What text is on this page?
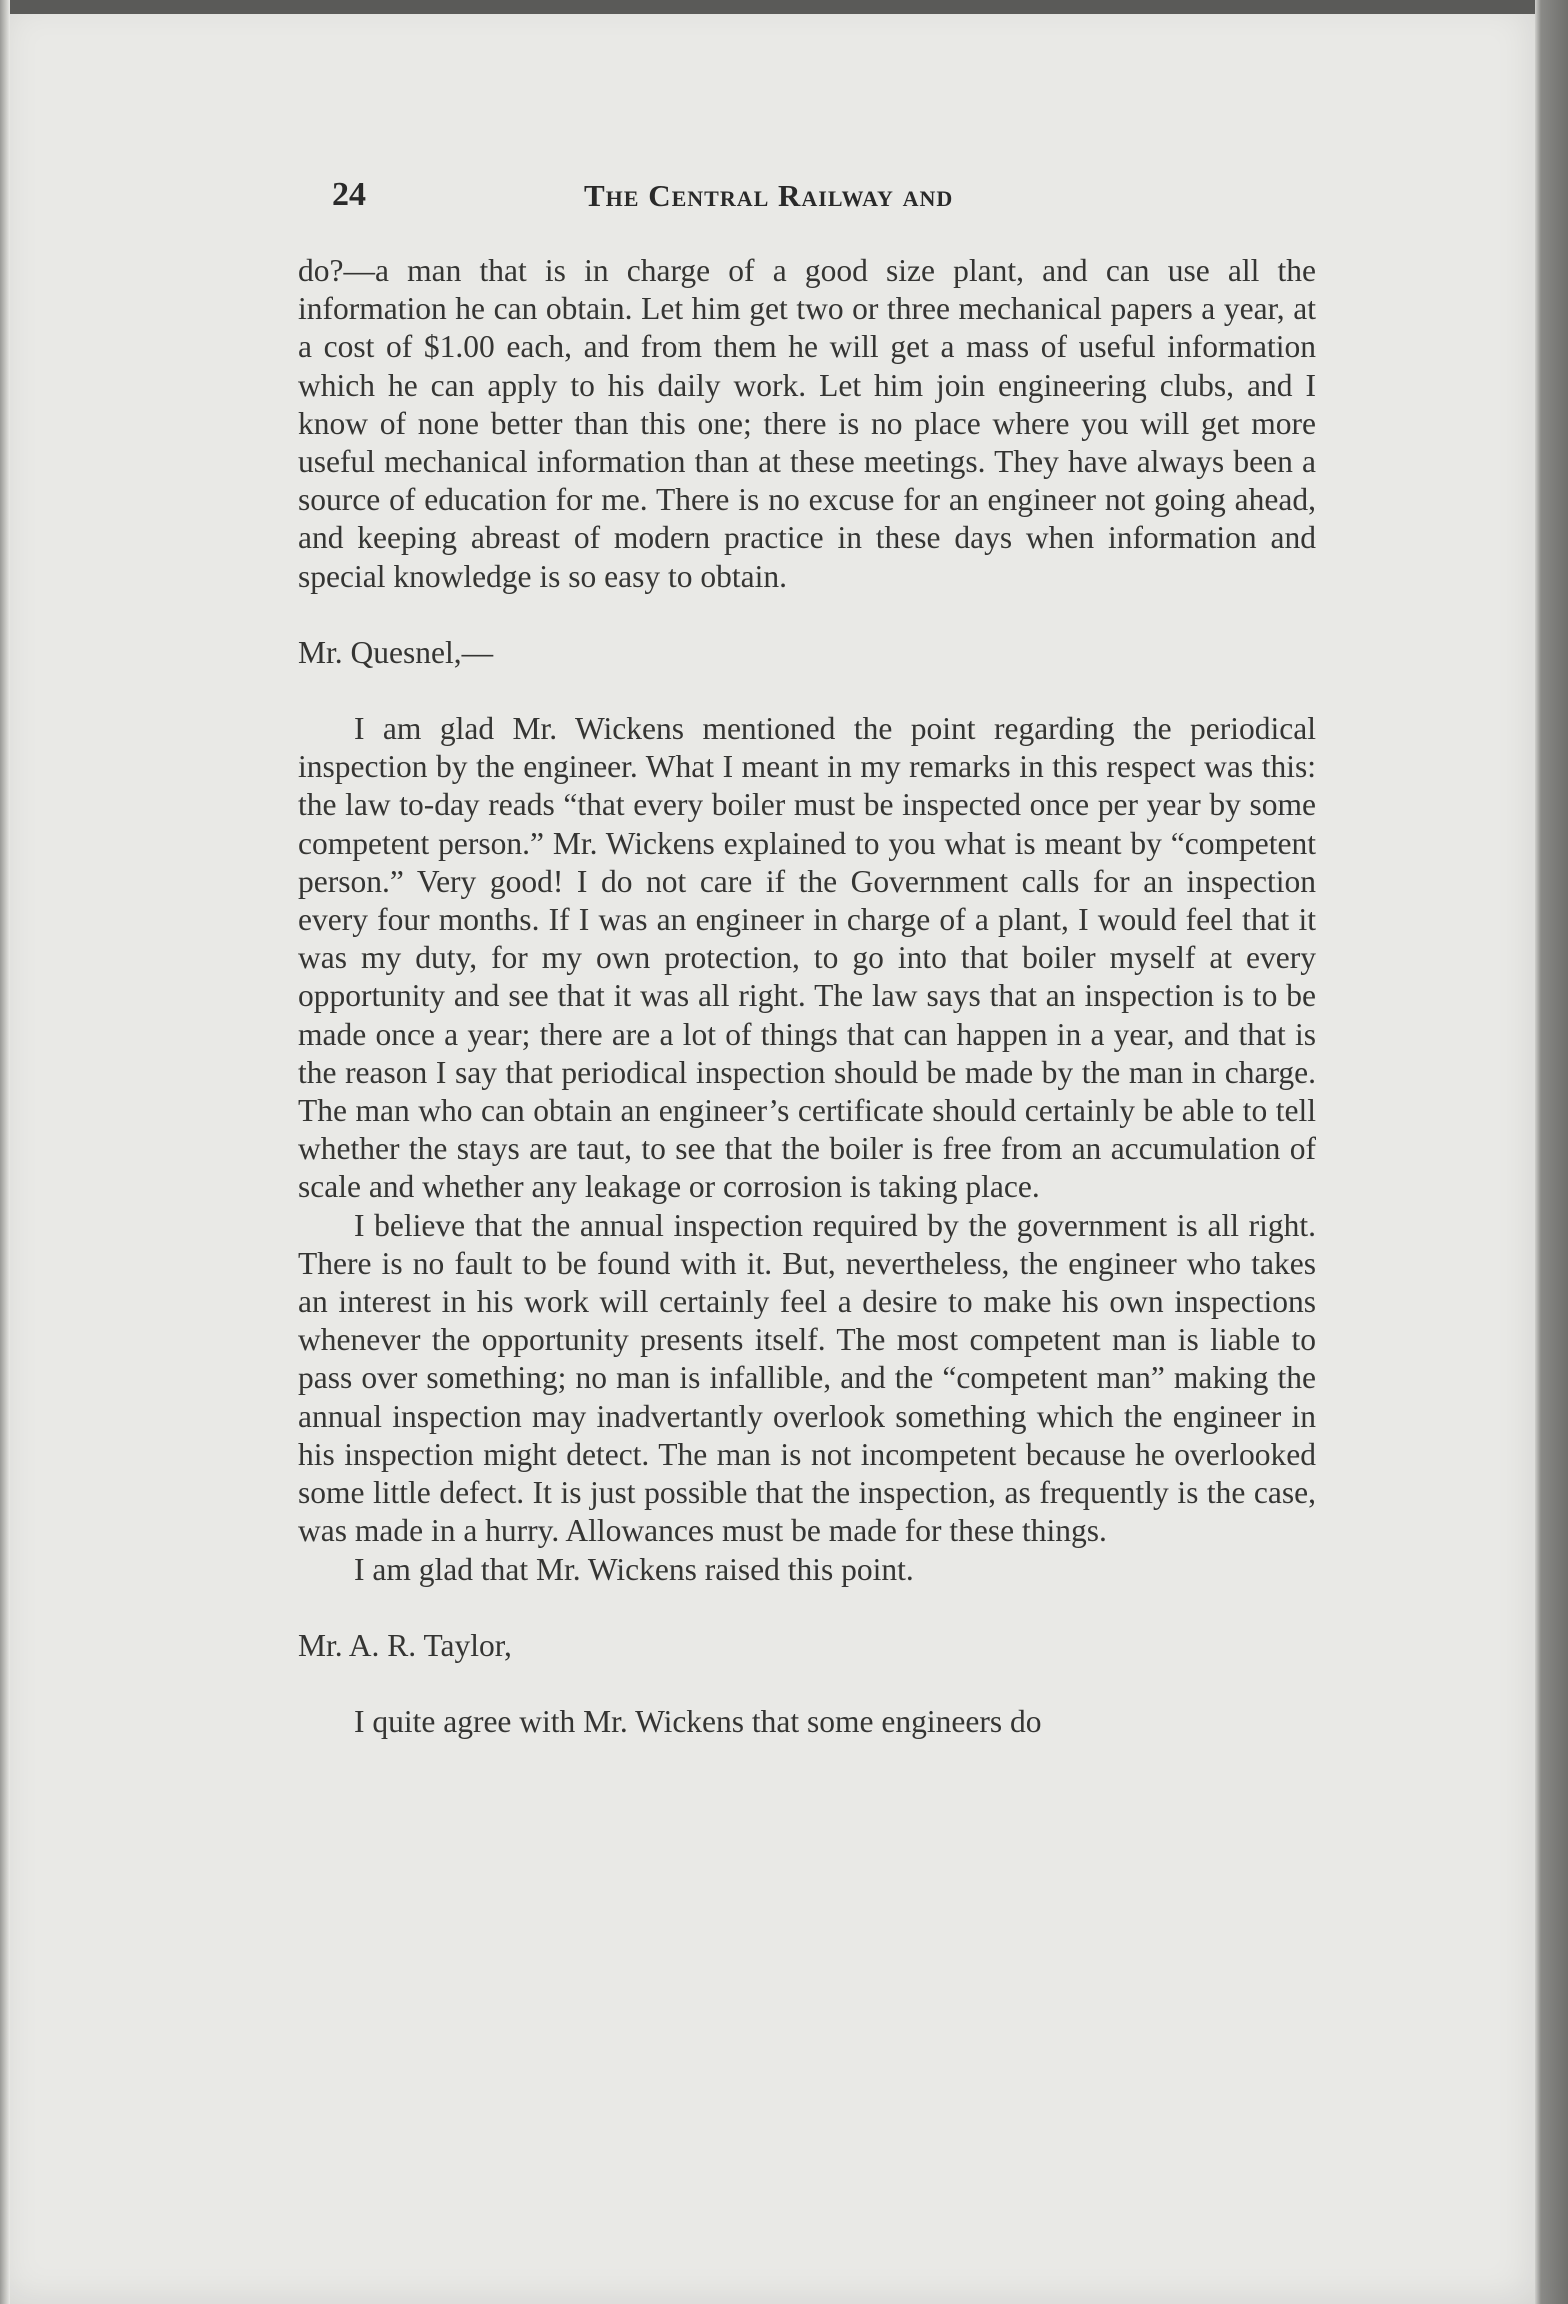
24	The Central Railway and

do?—a man that is in charge of a good size plant, and can use all the information he can obtain. Let him get two or three mechanical papers a year, at a cost of $1.00 each, and from them he will get a mass of useful information which he can apply to his daily work. Let him join engineering clubs, and I know of none better than this one; there is no place where you will get more useful mechanical information than at these meetings. They have always been a source of education for me. There is no excuse for an engineer not going ahead, and keeping abreast of modern practice in these days when information and special knowledge is so easy to obtain.

Mr. Quesnel,—

I am glad Mr. Wickens mentioned the point regarding the periodical inspection by the engineer. What I meant in my remarks in this respect was this: the law to-day reads “that every boiler must be inspected once per year by some competent person.” Mr. Wickens explained to you what is meant by “competent person.” Very good! I do not care if the Government calls for an inspection every four months. If I was an engineer in charge of a plant, I would feel that it was my duty, for my own protection, to go into that boiler myself at every opportunity and see that it was all right. The law says that an inspection is to be made once a year; there are a lot of things that can happen in a year, and that is the reason I say that periodical inspection should be made by the man in charge. The man who can obtain an engineer’s certificate should certainly be able to tell whether the stays are taut, to see that the boiler is free from an accumulation of scale and whether any leakage or corrosion is taking place.

I believe that the annual inspection required by the government is all right. There is no fault to be found with it. But, nevertheless, the engineer who takes an interest in his work will certainly feel a desire to make his own inspections whenever the opportunity presents itself. The most competent man is liable to pass over something; no man is infallible, and the “competent man” making the annual inspection may inadvertantly overlook something which the engineer in his inspection might detect. The man is not incompetent because he overlooked some little defect. It is just possible that the inspection, as frequently is the case, was made in a hurry. Allowances must be made for these things.

I am glad that Mr. Wickens raised this point.

Mr. A. R. Taylor,

I quite agree with Mr. Wickens that some engineers do
